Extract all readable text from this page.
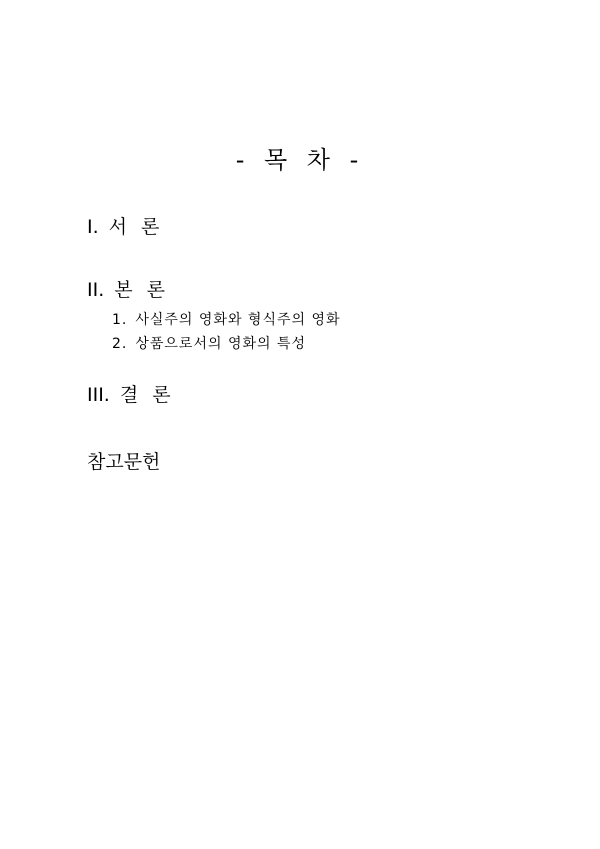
- 목 차 -
I. 서 론
II. 본 론
1. 사실주의 영화와 형식주의 영화
2. 상품으로서의 영화의 특성
III. 결 론
참고문헌
